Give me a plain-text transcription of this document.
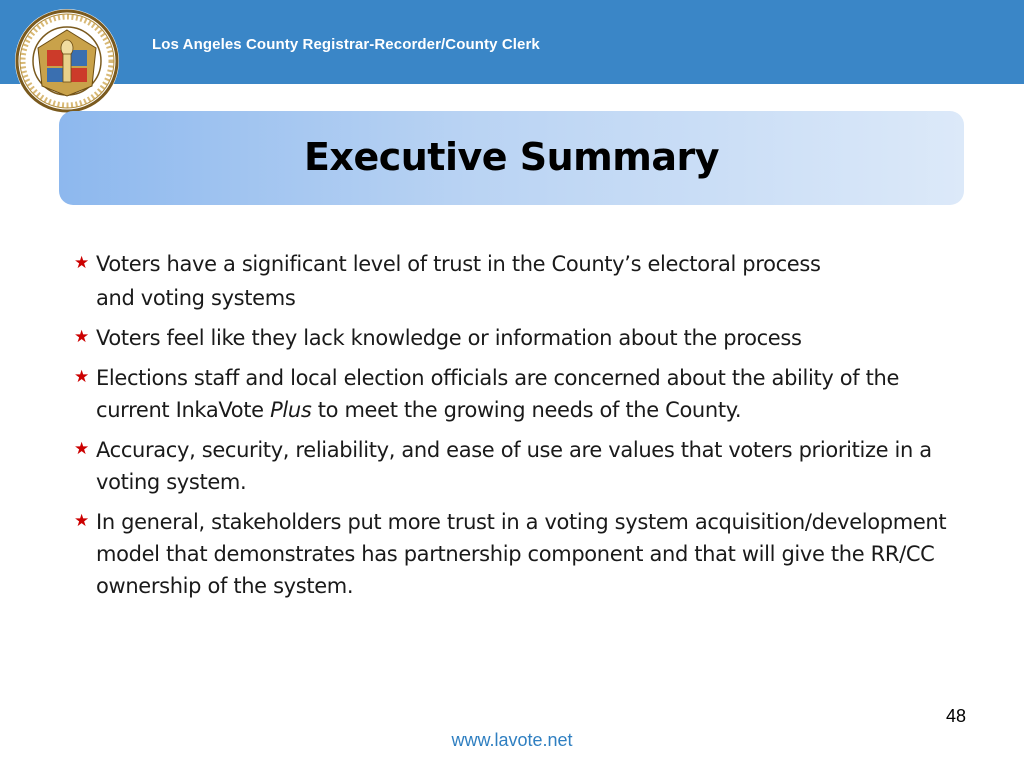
Los Angeles County Registrar-Recorder/County Clerk
Executive Summary
★ Voters have a significant level of trust in the County’s electoral process
and voting systems
★ Voters feel like they lack knowledge or information about the process
★ Elections staff and local election officials are concerned about the ability of the current InkaVote Plus to meet the growing needs of the County.
★ Accuracy, security, reliability, and ease of use are values that voters prioritize in a voting system.
★ In general, stakeholders put more trust in a voting system acquisition/development model that demonstrates has partnership component and that will give the RR/CC ownership of the system.
48
www.lavote.net
